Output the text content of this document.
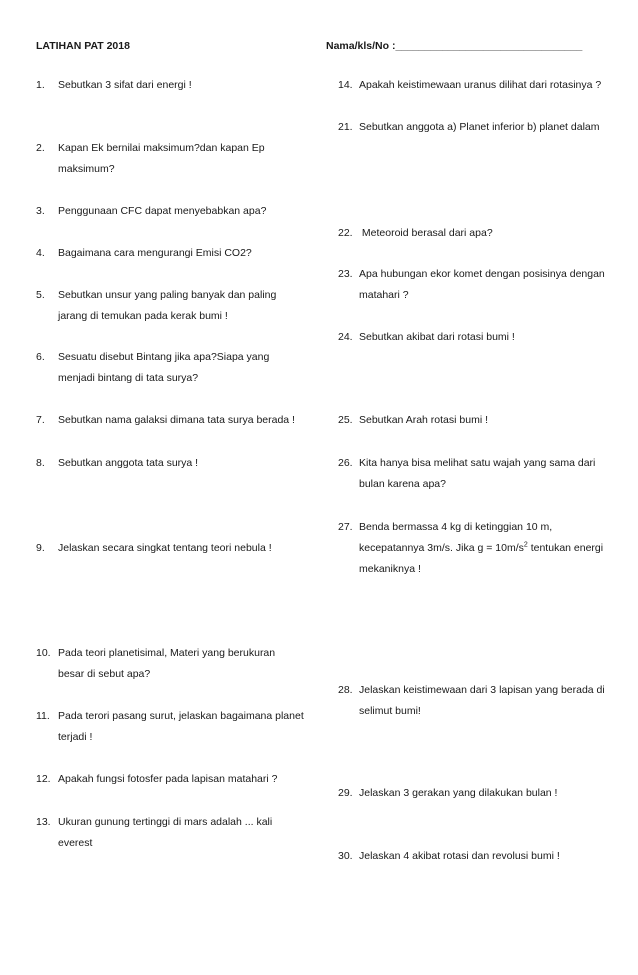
LATIHAN PAT 2018	Nama/kls/No :________________________________
1. Sebutkan 3 sifat dari energi !
2. Kapan Ek bernilai maksimum?dan kapan Ep maksimum?
3. Penggunaan CFC dapat menyebabkan apa?
4. Bagaimana cara mengurangi Emisi CO2?
5. Sebutkan unsur yang paling banyak dan paling jarang di temukan pada kerak bumi !
6. Sesuatu disebut Bintang jika apa?Siapa yang menjadi bintang di tata surya?
7. Sebutkan nama galaksi dimana tata surya berada !
8. Sebutkan anggota tata surya !
9. Jelaskan secara singkat tentang teori nebula !
10. Pada teori planetisimal, Materi yang berukuran besar di sebut apa?
11. Pada terori pasang surut, jelaskan bagaimana planet terjadi !
12. Apakah fungsi fotosfer pada lapisan matahari ?
13. Ukuran gunung tertinggi di mars adalah ... kali everest
14. Apakah keistimewaan uranus dilihat dari rotasinya ?
21. Sebutkan anggota a) Planet inferior b) planet dalam
22. Meteoroid berasal dari apa?
23. Apa hubungan ekor komet dengan posisinya dengan matahari ?
24. Sebutkan akibat dari rotasi bumi !
25. Sebutkan Arah rotasi bumi !
26. Kita hanya bisa melihat satu wajah yang sama dari bulan karena apa?
27. Benda bermassa 4 kg di ketinggian 10 m, kecepatannya 3m/s. Jika $g = 10m/s^2$ tentukan energi mekaniknya !
28. Jelaskan keistimewaan dari 3 lapisan yang berada di selimut bumi!
29. Jelaskan 3 gerakan yang dilakukan bulan !
30. Jelaskan 4 akibat rotasi dan revolusi bumi !
